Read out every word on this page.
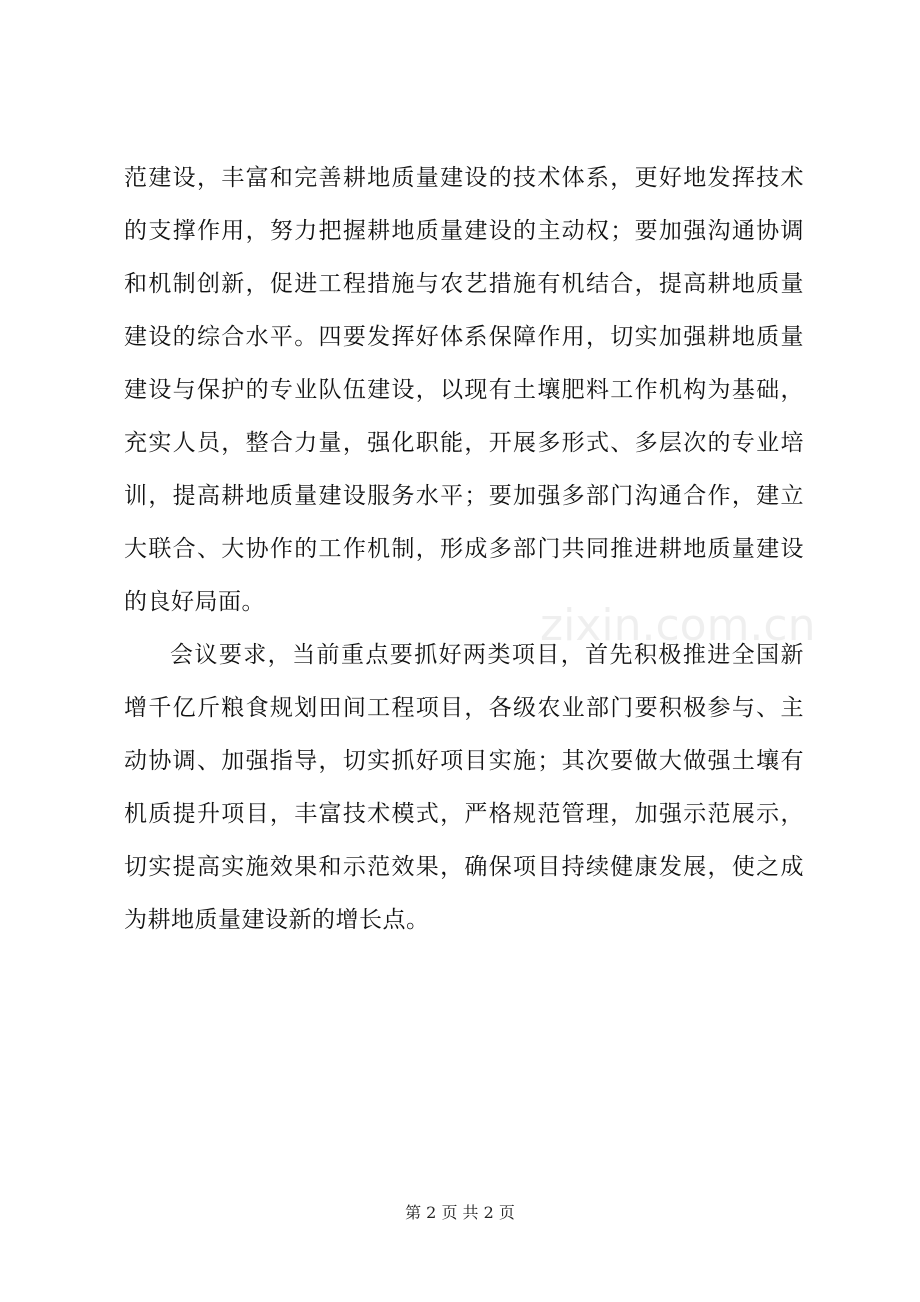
zixin.com.cn
范建设，丰富和完善耕地质量建设的技术体系，更好地发挥技术
的支撑作用，努力把握耕地质量建设的主动权；要加强沟通协调
和机制创新，促进工程措施与农艺措施有机结合，提高耕地质量
建设的综合水平。四要发挥好体系保障作用，切实加强耕地质量
建设与保护的专业队伍建设，以现有土壤肥料工作机构为基础，
充实人员，整合力量，强化职能，开展多形式、多层次的专业培
训，提高耕地质量建设服务水平；要加强多部门沟通合作，建立
大联合、大协作的工作机制，形成多部门共同推进耕地质量建设
的良好局面。
会议要求，当前重点要抓好两类项目，首先积极推进全国新
增千亿斤粮食规划田间工程项目，各级农业部门要积极参与、主
动协调、加强指导，切实抓好项目实施；其次要做大做强土壤有
机质提升项目，丰富技术模式，严格规范管理，加强示范展示，
切实提高实施效果和示范效果，确保项目持续健康发展，使之成
为耕地质量建设新的增长点。
第 2 页 共 2 页
